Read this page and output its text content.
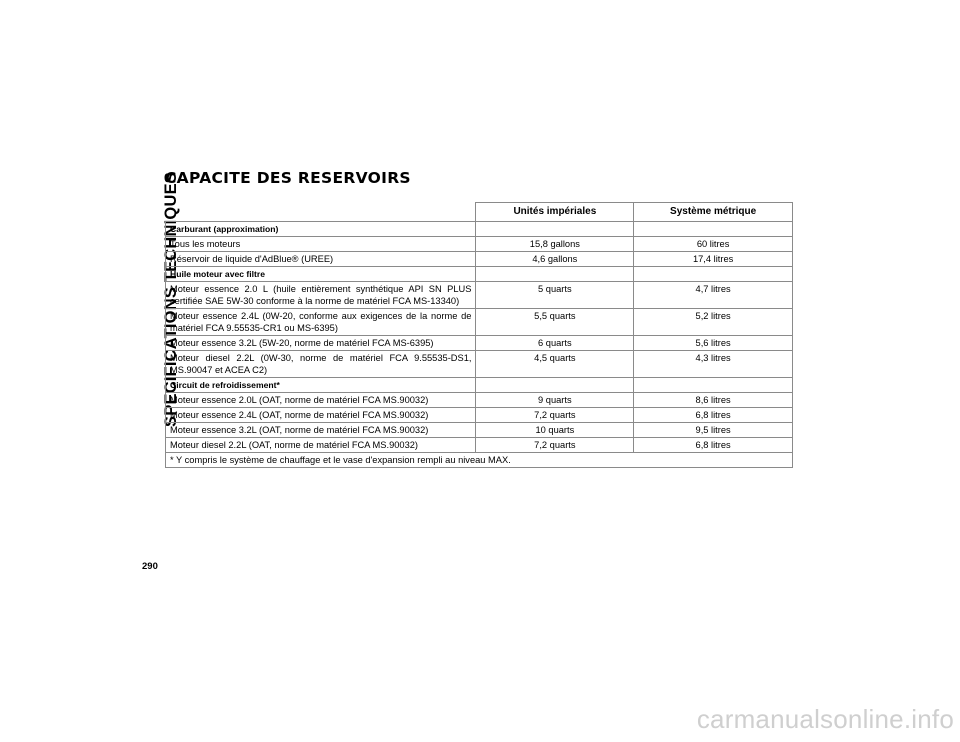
SPECIFICATIONS TECHNIQUES
CAPACITE DES RESERVOIRS
	Unités impériales	Système métrique
Carburant (approximation)		
Tous les moteurs	15,8 gallons	60 litres
Réservoir de liquide d'AdBlue® (UREE)	4,6 gallons	17,4 litres
Huile moteur avec filtre		
Moteur essence 2.0 L (huile entièrement synthétique API SN PLUS certifiée SAE 5W-30 conforme à la norme de matériel FCA MS-13340)	5 quarts	4,7 litres
Moteur essence 2.4L (0W-20, conforme aux exigences de la norme de matériel FCA 9.55535-CR1 ou MS-6395)	5,5 quarts	5,2 litres
Moteur essence 3.2L (5W-20, norme de matériel FCA MS-6395)	6 quarts	5,6 litres
Moteur diesel 2.2L (0W-30, norme de matériel FCA 9.55535-DS1, MS.90047 et ACEA C2)	4,5 quarts	4,3 litres
Circuit de refroidissement*		
Moteur essence 2.0L (OAT, norme de matériel FCA MS.90032)	9 quarts	8,6 litres
Moteur essence 2.4L (OAT, norme de matériel FCA MS.90032)	7,2 quarts	6,8 litres
Moteur essence 3.2L (OAT, norme de matériel FCA MS.90032)	10 quarts	9,5 litres
Moteur diesel 2.2L (OAT, norme de matériel FCA MS.90032)	7,2 quarts	6,8 litres
* Y compris le système de chauffage et le vase d'expansion rempli au niveau MAX.		
290
carmanualsonline.info
